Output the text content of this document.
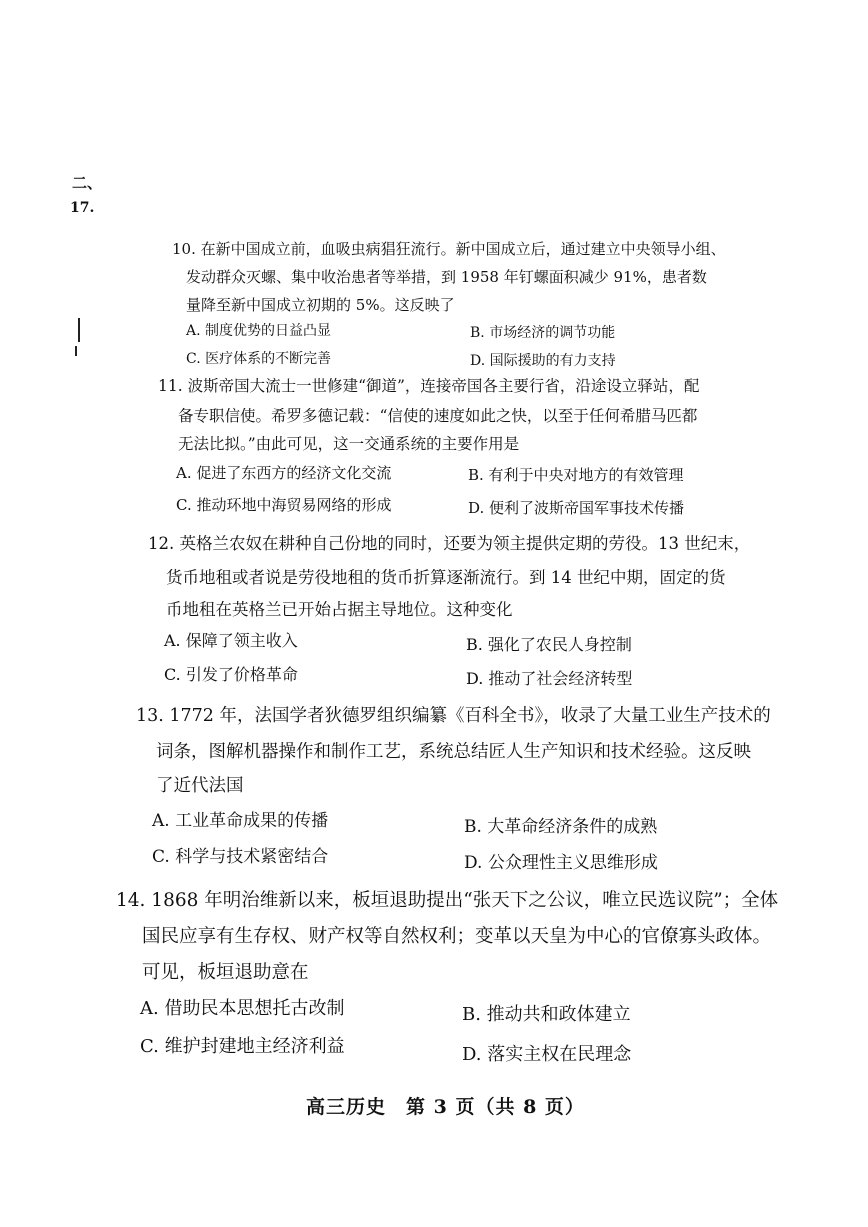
二、
17.
10. 在新中国成立前，血吸虫病猖狂流行。新中国成立后，通过建立中央领导小组、
发动群众灭螺、集中收治患者等举措，到 1958 年钉螺面积减少 91%，患者数
量降至新中国成立初期的 5%。这反映了
A. 制度优势的日益凸显	B. 市场经济的调节功能
C. 医疗体系的不断完善	D. 国际援助的有力支持
11. 波斯帝国大流士一世修建“御道”，连接帝国各主要行省，沿途设立驿站，配
备专职信使。希罗多德记载：“信使的速度如此之快，以至于任何希腊马匹都
无法比拟。”由此可见，这一交通系统的主要作用是
A. 促进了东西方的经济文化交流	B. 有利于中央对地方的有效管理
C. 推动环地中海贸易网络的形成	D. 便利了波斯帝国军事技术传播
12. 英格兰农奴在耕种自己份地的同时，还要为领主提供定期的劳役。13 世纪末，
货币地租或者说是劳役地租的货币折算逐渐流行。到 14 世纪中期，固定的货
币地租在英格兰已开始占据主导地位。这种变化
A. 保障了领主收入	B. 强化了农民人身控制
C. 引发了价格革命	D. 推动了社会经济转型
13. 1772 年，法国学者狄德罗组织编纂《百科全书》，收录了大量工业生产技术的
词条，图解机器操作和制作工艺，系统总结匠人生产知识和技术经验。这反映
了近代法国
A. 工业革命成果的传播	B. 大革命经济条件的成熟
C. 科学与技术紧密结合	D. 公众理性主义思维形成
14. 1868 年明治维新以来，板垣退助提出“张天下之公议，唯立民选议院”；全体
国民应享有生存权、财产权等自然权利；变革以天皇为中心的官僚寡头政体。
可见，板垣退助意在
A. 借助民本思想托古改制	B. 推动共和政体建立
C. 维护封建地主经济利益	D. 落实主权在民理念
高三历史　第 3 页（共 8 页）
